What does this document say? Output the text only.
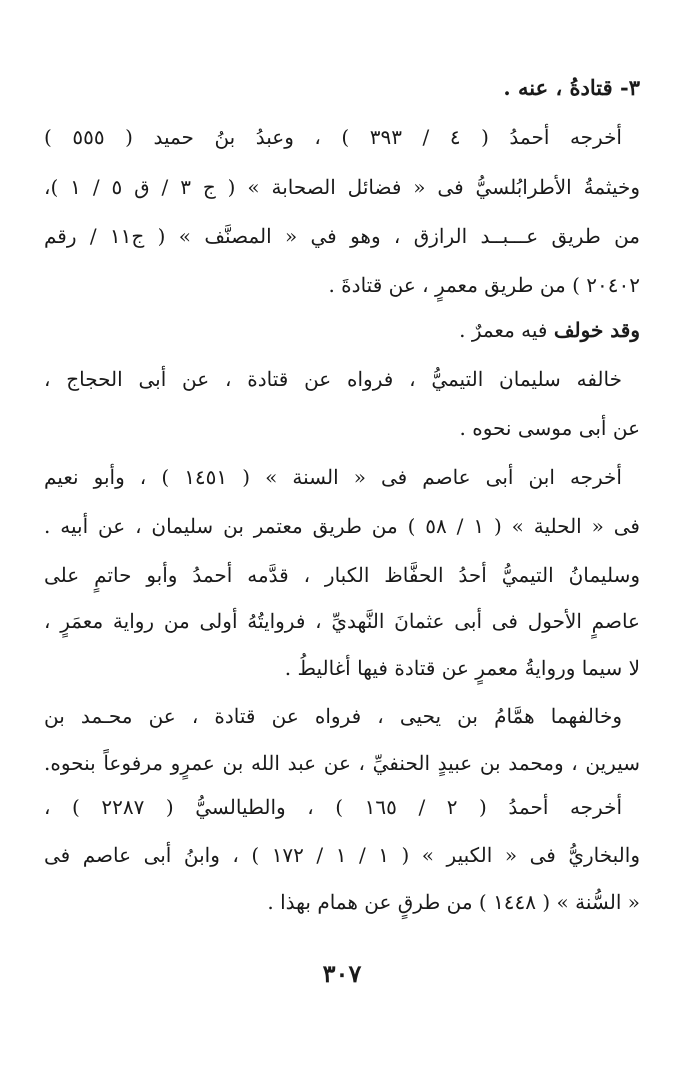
٣- قتادةُ ، عنه .

أخرجه أحمدُ ( ٤ / ٣٩٣ ) ، وعبدُ بنُ حميد ( ٥٥٥ )

وخيثمةُ الأطرابُلسيُّ فى « فضائل الصحابة » ( ج ٣ / ق ٥ / ١ )،

من طريق عـــبــد الرازق ، وهو في « المصنَّف » ( ج١١ / رقم

٢٠٤٠٢ ) من طريق معمرٍ ، عن قتادةَ .

وقد خولف فيه معمرٌ .

خالفه سليمان التيميُّ ، فرواه عن قتادة ، عن أبى الحجاج ،

عن أبى موسى نحوه .

أخرجه ابن أبى عاصم فى « السنة » ( ١٤٥١ ) ، وأبو نعيم

فى « الحلية » ( ١ / ٥٨ ) من طريق معتمر بن سليمان ، عن أبيه .

وسليمانُ التيميُّ أحدُ الحفَّاظ الكبار ، قدَّمه أحمدُ وأبو حاتمٍ على

عاصمٍ الأحول فى أبى عثمانَ النَّهديِّ ، فروايتُهُ أولى من رواية معمَرٍ ،

لا سيما وروايةُ معمرٍ عن قتادة فيها أغاليطُ .

وخالفهما همَّامُ بن يحيى ، فرواه عن قتادة ، عن محـمد بن

سيرين ، ومحمد بن عبيدٍ الحنفيِّ ، عن عبد الله بن عمرٍو مرفوعاً بنحوه.

أخرجه أحمدُ ( ٢ / ١٦٥ ) ، والطيالسيُّ ( ٢٢٨٧ ) ،

والبخاريُّ فى « الكبير » ( ١ / ١ / ١٧٢ ) ، وابنُ أبى عاصم فى

« السُّنة » ( ١٤٤٨ ) من طرقٍ عن همام بهذا .

٣٠٧
